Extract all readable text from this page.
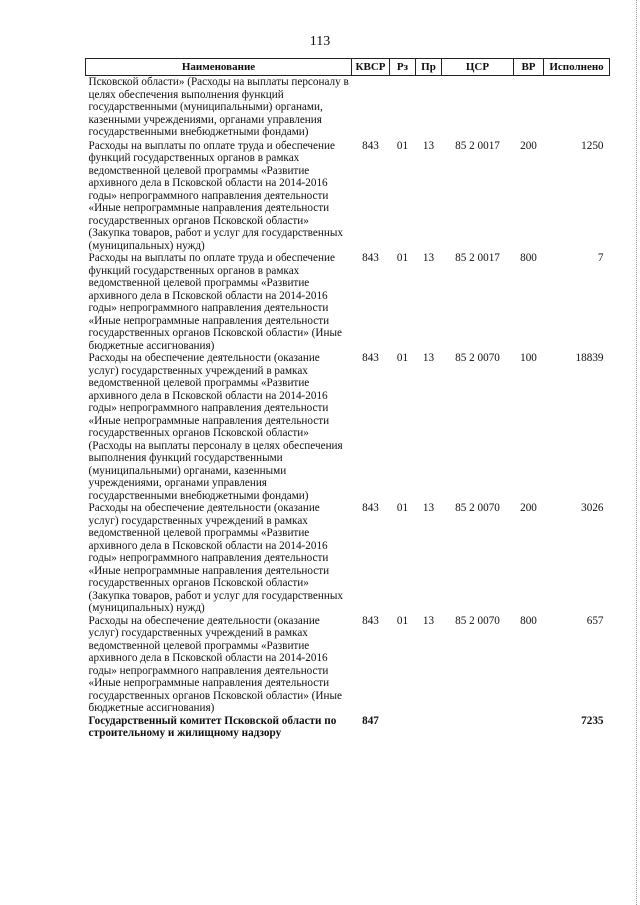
113
Наименование	КВСР	Рз	Пр	ЦСР	ВР	Исполнено
Псковской области» (Расходы на выплаты персоналу в целях обеспечения выполнения функций государственными (муниципальными) органами, казенными учреждениями, органами управления государственными внебюджетными фондами)						
Расходы на выплаты по оплате труда и обеспечение функций государственных органов в рамках ведомственной целевой программы «Развитие архивного дела в Псковской области на 2014-2016 годы» непрограммного направления деятельности «Иные непрограммные направления деятельности государственных органов Псковской области» (Закупка товаров, работ и услуг для государственных (муниципальных) нужд)	843	01	13	85 2 0017	200	1250
Расходы на выплаты по оплате труда и обеспечение функций государственных органов в рамках ведомственной целевой программы «Развитие архивного дела в Псковской области на 2014-2016 годы» непрограммного направления деятельности «Иные непрограммные направления деятельности государственных органов Псковской области» (Иные бюджетные ассигнования)	843	01	13	85 2 0017	800	7
Расходы на обеспечение деятельности (оказание услуг) государственных учреждений в рамках ведомственной целевой программы «Развитие архивного дела в Псковской области на 2014-2016 годы» непрограммного направления деятельности «Иные непрограммные направления деятельности государственных органов Псковской области» (Расходы на выплаты персоналу в целях обеспечения выполнения функций государственными (муниципальными) органами, казенными учреждениями, органами управления государственными внебюджетными фондами)	843	01	13	85 2 0070	100	18839
Расходы на обеспечение деятельности (оказание услуг) государственных учреждений в рамках ведомственной целевой программы «Развитие архивного дела в Псковской области на 2014-2016 годы» непрограммного направления деятельности «Иные непрограммные направления деятельности государственных органов Псковской области» (Закупка товаров, работ и услуг для государственных (муниципальных) нужд)	843	01	13	85 2 0070	200	3026
Расходы на обеспечение деятельности (оказание услуг) государственных учреждений в рамках ведомственной целевой программы «Развитие архивного дела в Псковской области на 2014-2016 годы» непрограммного направления деятельности «Иные непрограммные направления деятельности государственных органов Псковской области» (Иные бюджетные ассигнования)	843	01	13	85 2 0070	800	657
Государственный комитет Псковской области по строительному и жилищному надзору	847					7235
